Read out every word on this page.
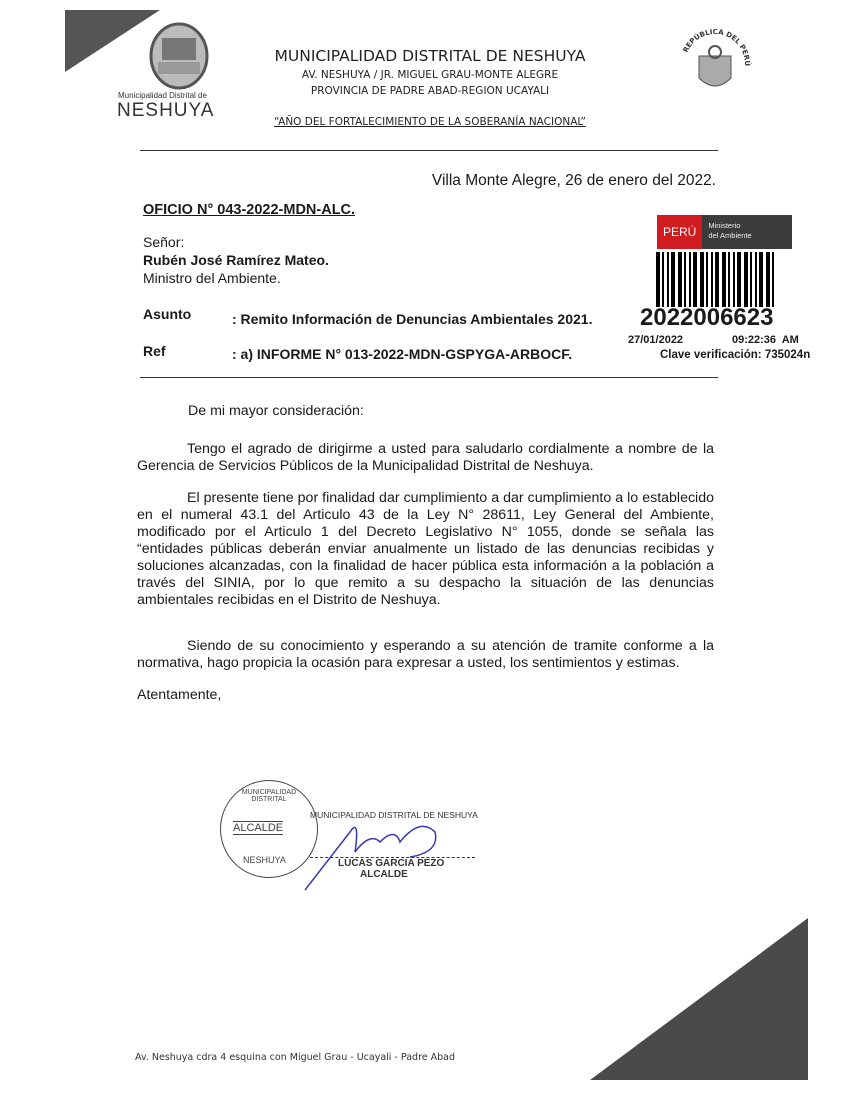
Municipalidad Distrital de
NESHUYA
MUNICIPALIDAD DISTRITAL DE NESHUYA
AV. NESHUYA / JR. MIGUEL GRAU-MONTE ALEGRE
PROVINCIA DE PADRE ABAD-REGION UCAYALI
“AÑO DEL FORTALECIMIENTO DE LA SOBERANÍA NACIONAL”
REPÚBLICA DEL PERÚ
Villa Monte Alegre, 26 de enero del 2022.
OFICIO N° 043-2022-MDN-ALC.
Señor:
Rubén José Ramírez Mateo.
Ministro del Ambiente.
Asunto	: Remito Información de Denuncias Ambientales 2021.
Ref	: a) INFORME N° 013-2022-MDN-GSPYGA-ARBOCF.
PERÚ	Ministerio
del Ambiente
2022006623
27/01/2022	09:22:36  AM
Clave verificación: 735024n
De mi mayor consideración:
Tengo el agrado de dirigirme a usted para saludarlo cordialmente a nombre de la Gerencia de Servicios Públicos de la Municipalidad Distrital de Neshuya.
El presente tiene por finalidad dar cumplimiento a dar cumplimiento a lo establecido en el numeral 43.1 del Articulo 43 de la Ley N° 28611, Ley General del Ambiente, modificado por el Articulo 1 del Decreto Legislativo N° 1055, donde se señala las “entidades públicas deberán enviar anualmente un listado de las denuncias recibidas y soluciones alcanzadas, con la finalidad de hacer pública esta información a la población a través del SINIA, por lo que remito a su despacho la situación de las denuncias ambientales recibidas en el Distrito de Neshuya.
Siendo de su conocimiento y esperando a su atención de tramite conforme a la normativa, hago propicia la ocasión para expresar a usted, los sentimientos y estimas.
Atentamente,
MUNICIPALIDAD DISTRITAL
ALCALDE
NESHUYA
MUNICIPALIDAD DISTRITAL DE NESHUYA
LUCAS GARCIA PEZO
ALCALDE
Av. Neshuya cdra 4 esquina con Miguel Grau - Ucayali - Padre Abad
